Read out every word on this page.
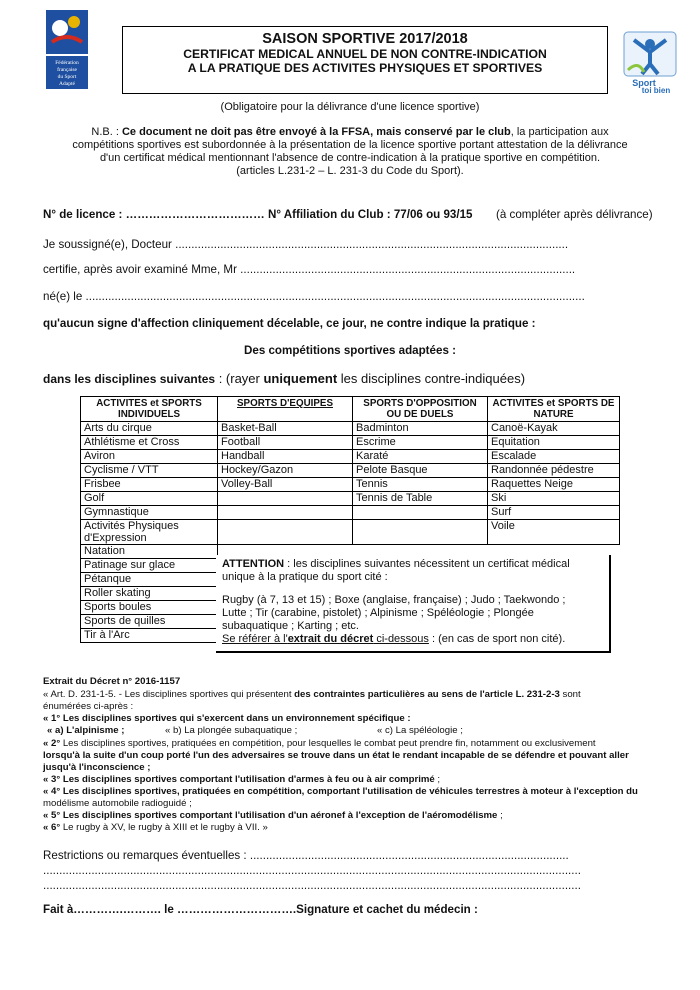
Fédération
française
du Sport
Adapté
SAISON SPORTIVE 2017/2018
CERTIFICAT MEDICAL ANNUEL DE NON CONTRE-INDICATION
A LA PRATIQUE DES ACTIVITES PHYSIQUES ET SPORTIVES
Sport
toi bien
(Obligatoire pour la délivrance d'une licence sportive)
N.B. : Ce document ne doit pas être envoyé à la FFSA, mais conservé par le club, la participation aux
compétitions sportives est subordonnée à la présentation de la licence sportive portant attestation de la délivrance
d'un certificat médical mentionnant l'absence de contre-indication à la pratique sportive en compétition.
(articles L.231-2 – L. 231-3 du Code du Sport).
N° de licence : ……………………………… N° Affiliation du Club : 77/06 ou 93/15 (à compléter après délivrance)
Je soussigné(e), Docteur ..........................................................................................................................
certifie, après avoir examiné Mme, Mr ........................................................................................................
né(e) le ...........................................................................................................................................................
qu'aucun signe d'affection cliniquement décelable, ce jour, ne contre indique la pratique :
Des compétitions sportives adaptées :
dans les disciplines suivantes : (rayer uniquement les disciplines contre-indiquées)
ACTIVITES et SPORTS INDIVIDUELS	SPORTS D'EQUIPES	SPORTS D'OPPOSITION OU DE DUELS	ACTIVITES et SPORTS DE NATURE
Arts du cirque	Basket-Ball	Badminton	Canoë-Kayak
Athlétisme et Cross	Football	Escrime	Equitation
Aviron	Handball	Karaté	Escalade
Cyclisme / VTT	Hockey/Gazon	Pelote Basque	Randonnée pédestre
Frisbee	Volley-Ball	Tennis	Raquettes Neige
Golf		Tennis de Table	Ski
Gymnastique			Surf
Activités Physiques d'Expression			Voile
Natation			
Patinage sur glace			
Pétanque			
Roller skating			
Sports boules			
Sports de quilles			
Tir à l'Arc			
ATTENTION : les disciplines suivantes nécessitent un certificat médical
unique à la pratique du sport cité :
Rugby (à 7, 13 et 15) ; Boxe (anglaise, française) ; Judo ; Taekwondo ;
Lutte ; Tir (carabine, pistolet) ; Alpinisme ; Spéléologie ; Plongée
subaquatique ; Karting ; etc.
Se référer à l'extrait du décret ci-dessous : (en cas de sport non cité).
Extrait du Décret n° 2016-1157
« Art. D. 231-1-5. - Les disciplines sportives qui présentent des contraintes particulières au sens de l'article L. 231-2-3 sont
énumérées ci-après :
« 1° Les disciplines sportives qui s'exercent dans un environnement spécifique :
« a) L'alpinisme ;	« b) La plongée subaquatique ;	« c) La spéléologie ;
« 2° Les disciplines sportives, pratiquées en compétition, pour lesquelles le combat peut prendre fin, notamment ou exclusivement
lorsqu'à la suite d'un coup porté l'un des adversaires se trouve dans un état le rendant incapable de se défendre et pouvant aller
jusqu'à l'inconscience ;
« 3° Les disciplines sportives comportant l'utilisation d'armes à feu ou à air comprimé ;
« 4° Les disciplines sportives, pratiquées en compétition, comportant l'utilisation de véhicules terrestres à moteur à l'exception du
modélisme automobile radioguidé ;
« 5° Les disciplines sportives comportant l'utilisation d'un aéronef à l'exception de l'aéromodélisme ;
« 6° Le rugby à XV, le rugby à XIII et le rugby à VII. »
Restrictions ou remarques éventuelles : ...................................................................................................
.......................................................................................................................................................................
.......................................................................................................................................................................
Fait à………….………. le ………………………….Signature et cachet du médecin :
